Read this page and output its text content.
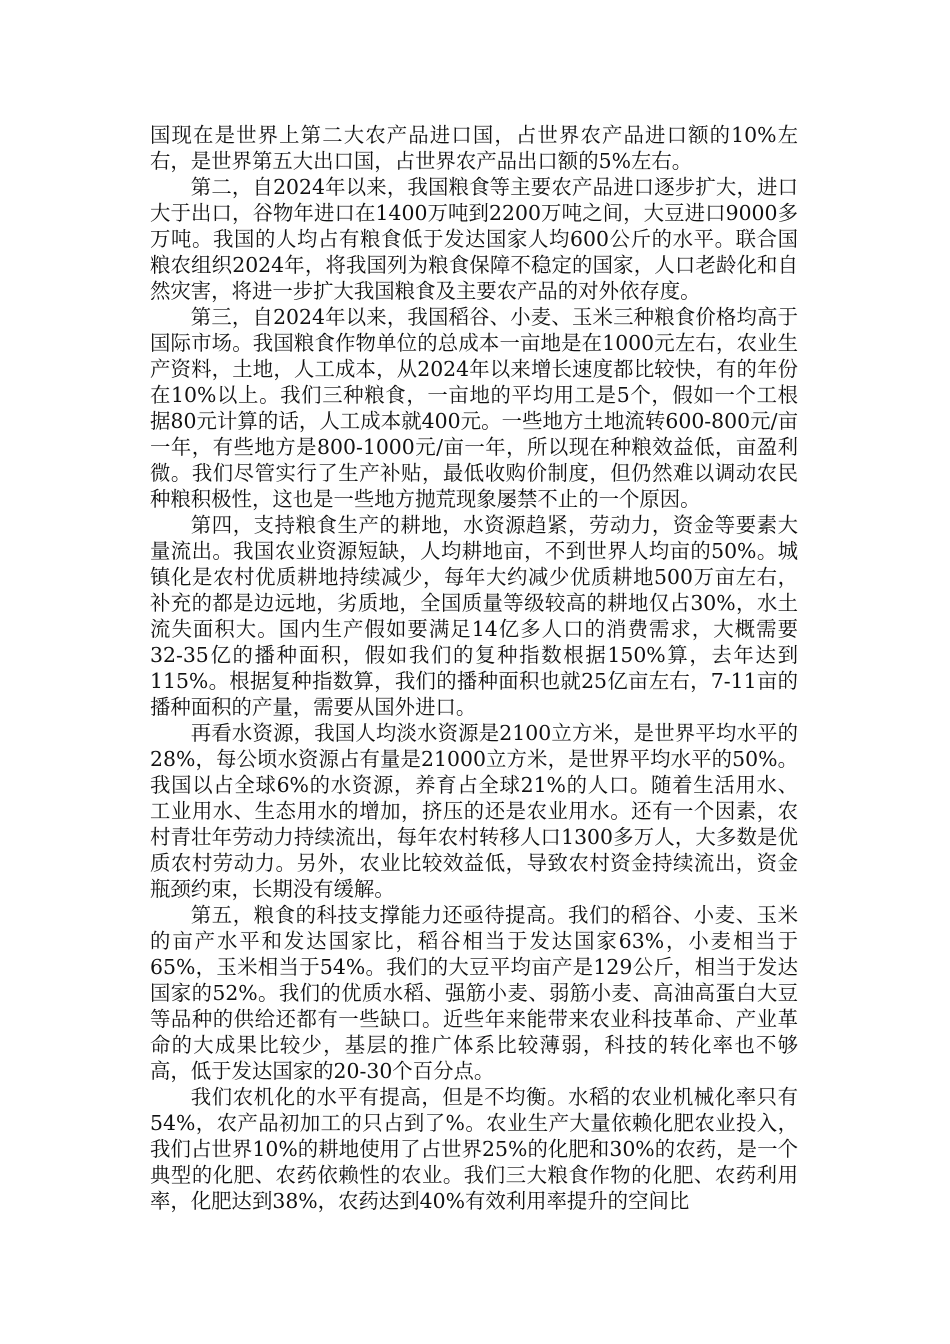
国现在是世界上第二大农产品进口国，占世界农产品进口额的10%左右，是世界第五大出口国，占世界农产品出口额的5%左右。

第二，自2024年以来，我国粮食等主要农产品进口逐步扩大，进口大于出口，谷物年进口在1400万吨到2200万吨之间，大豆进口9000多万吨。我国的人均占有粮食低于发达国家人均600公斤的水平。联合国粮农组织2024年，将我国列为粮食保障不稳定的国家，人口老龄化和自然灾害，将进一步扩大我国粮食及主要农产品的对外依存度。

第三，自2024年以来，我国稻谷、小麦、玉米三种粮食价格均高于国际市场。我国粮食作物单位的总成本一亩地是在1000元左右，农业生产资料，土地，人工成本，从2024年以来增长速度都比较快，有的年份在10%以上。我们三种粮食，一亩地的平均用工是5个，假如一个工根据80元计算的话，人工成本就400元。一些地方土地流转600-800元/亩一年，有些地方是800-1000元/亩一年，所以现在种粮效益低，亩盈利微。我们尽管实行了生产补贴，最低收购价制度，但仍然难以调动农民种粮积极性，这也是一些地方抛荒现象屡禁不止的一个原因。

第四，支持粮食生产的耕地，水资源趋紧，劳动力，资金等要素大量流出。我国农业资源短缺，人均耕地亩，不到世界人均亩的50%。城镇化是农村优质耕地持续减少，每年大约减少优质耕地500万亩左右，补充的都是边远地，劣质地，全国质量等级较高的耕地仅占30%，水土流失面积大。国内生产假如要满足14亿多人口的消费需求，大概需要32-35亿的播种面积，假如我们的复种指数根据150%算，去年达到115%。根据复种指数算，我们的播种面积也就25亿亩左右，7-11亩的播种面积的产量，需要从国外进口。

再看水资源，我国人均淡水资源是2100立方米，是世界平均水平的28%，每公顷水资源占有量是21000立方米，是世界平均水平的50%。我国以占全球6%的水资源，养育占全球21%的人口。随着生活用水、工业用水、生态用水的增加，挤压的还是农业用水。还有一个因素，农村青壮年劳动力持续流出，每年农村转移人口1300多万人，大多数是优质农村劳动力。另外，农业比较效益低，导致农村资金持续流出，资金瓶颈约束，长期没有缓解。

第五，粮食的科技支撑能力还亟待提高。我们的稻谷、小麦、玉米的亩产水平和发达国家比，稻谷相当于发达国家63%，小麦相当于65%，玉米相当于54%。我们的大豆平均亩产是129公斤，相当于发达国家的52%。我们的优质水稻、强筋小麦、弱筋小麦、高油高蛋白大豆等品种的供给还都有一些缺口。近些年来能带来农业科技革命、产业革命的大成果比较少，基层的推广体系比较薄弱，科技的转化率也不够高，低于发达国家的20-30个百分点。

我们农机化的水平有提高，但是不均衡。水稻的农业机械化率只有54%，农产品初加工的只占到了%。农业生产大量依赖化肥农业投入，我们占世界10%的耕地使用了占世界25%的化肥和30%的农药，是一个典型的化肥、农药依赖性的农业。我们三大粮食作物的化肥、农药利用率，化肥达到38%，农药达到40%有效利用率提升的空间比
